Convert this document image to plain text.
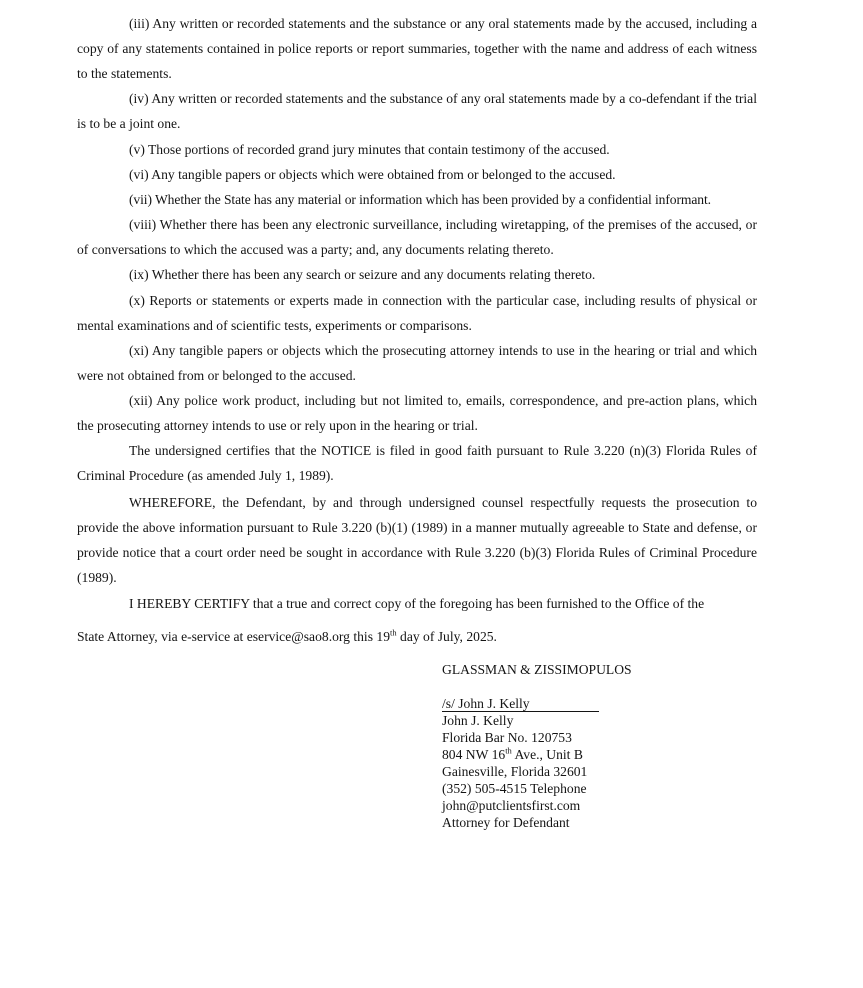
(iii) Any written or recorded statements and the substance or any oral statements made by the accused, including a copy of any statements contained in police reports or report summaries, together with the name and address of each witness to the statements.

(iv) Any written or recorded statements and the substance of any oral statements made by a co-defendant if the trial is to be a joint one.

(v) Those portions of recorded grand jury minutes that contain testimony of the accused.

(vi) Any tangible papers or objects which were obtained from or belonged to the accused.

(vii) Whether the State has any material or information which has been provided by a confidential informant.

(viii) Whether there has been any electronic surveillance, including wiretapping, of the premises of the accused, or of conversations to which the accused was a party; and, any documents relating thereto.

(ix) Whether there has been any search or seizure and any documents relating thereto.

(x) Reports or statements or experts made in connection with the particular case, including results of physical or mental examinations and of scientific tests, experiments or comparisons.

(xi) Any tangible papers or objects which the prosecuting attorney intends to use in the hearing or trial and which were not obtained from or belonged to the accused.

(xii) Any police work product, including but not limited to, emails, correspondence, and pre-action plans, which the prosecuting attorney intends to use or rely upon in the hearing or trial.

The undersigned certifies that the NOTICE is filed in good faith pursuant to Rule 3.220 (n)(3) Florida Rules of Criminal Procedure (as amended July 1, 1989).

WHEREFORE, the Defendant, by and through undersigned counsel respectfully requests the prosecution to provide the above information pursuant to Rule 3.220 (b)(1) (1989) in a manner mutually agreeable to State and defense, or provide notice that a court order need be sought in accordance with Rule 3.220 (b)(3) Florida Rules of Criminal Procedure (1989).

I HEREBY CERTIFY that a true and correct copy of the foregoing has been furnished to the Office of the

State Attorney, via e-service at eservice@sao8.org this 19th day of July, 2025.

GLASSMAN & ZISSIMOPULOS

/s/ John J. Kelly
John J. Kelly
Florida Bar No. 120753
804 NW 16th Ave., Unit B
Gainesville, Florida 32601
(352) 505-4515 Telephone
john@putclientsfirst.com
Attorney for Defendant
